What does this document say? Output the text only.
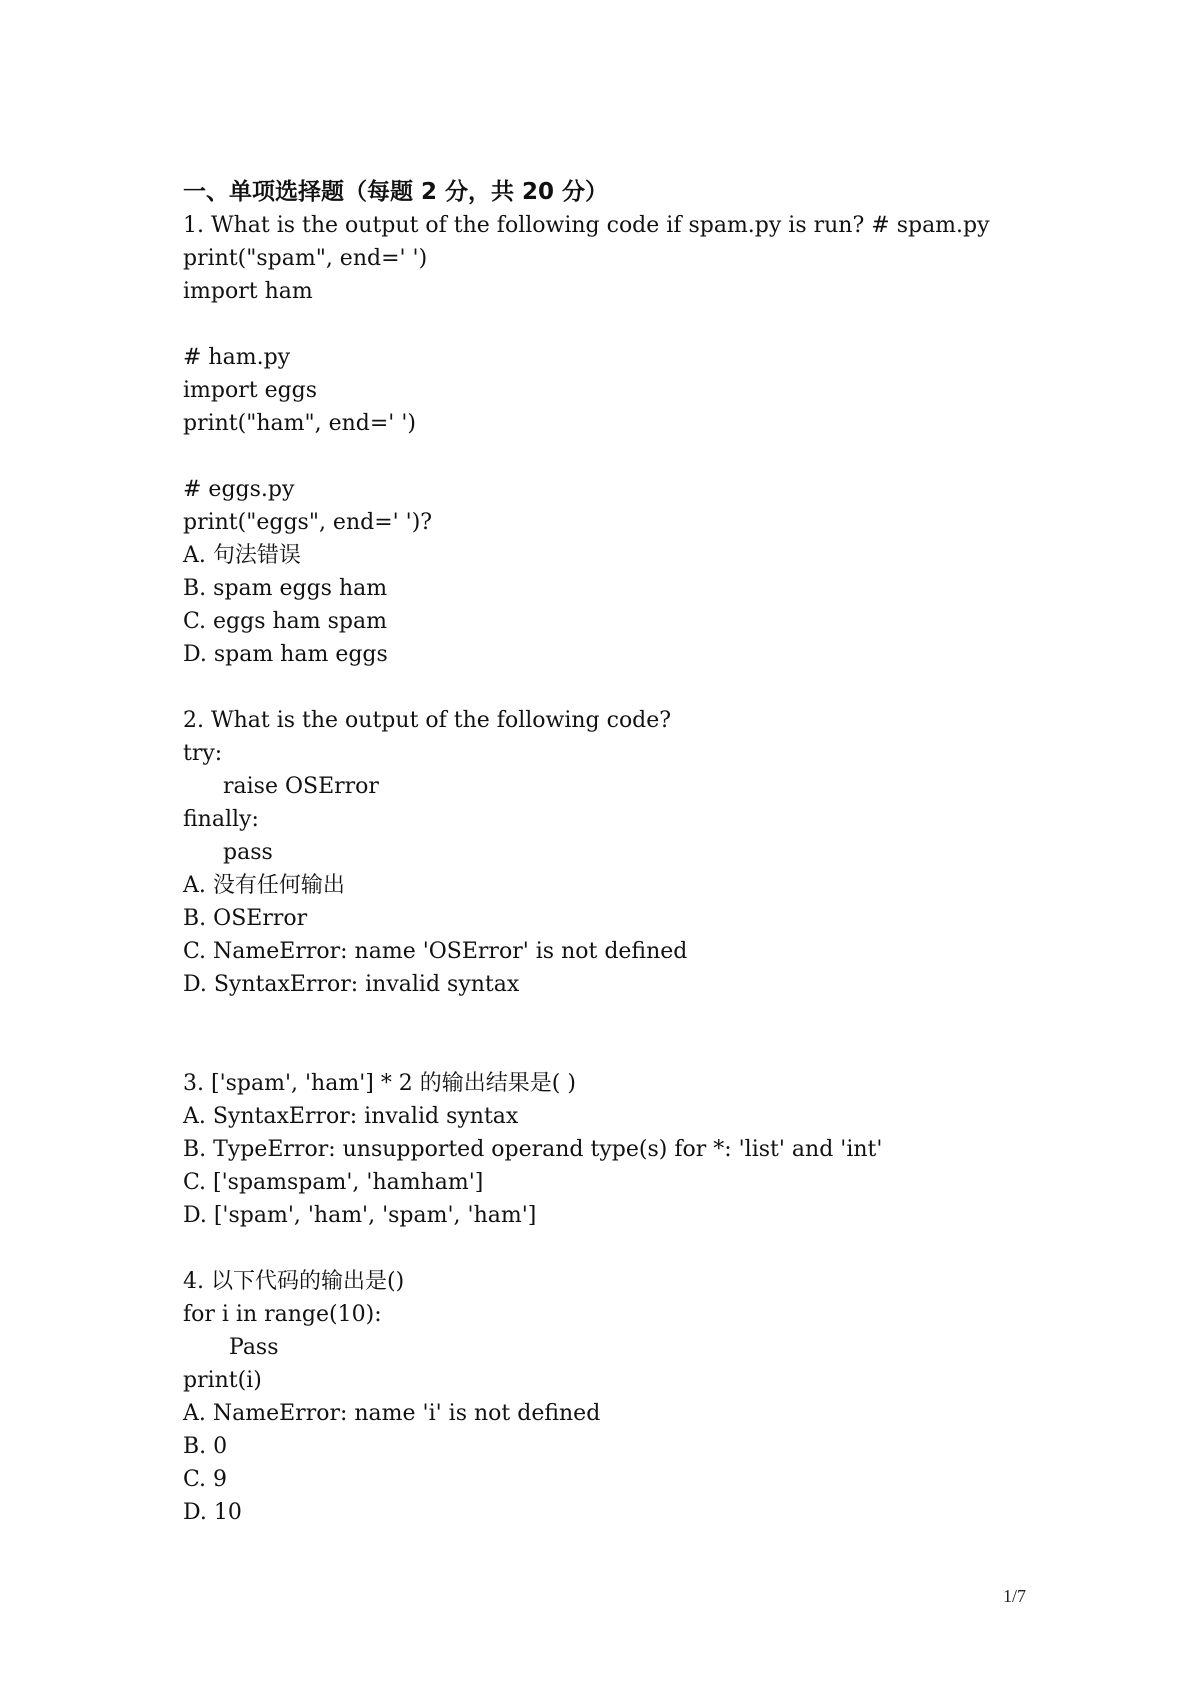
一、单项选择题（每题 2 分，共 20 分）
1. What is the output of the following code if spam.py is run? # spam.py
print("spam", end=' ')
import ham
# ham.py
import eggs
print("ham", end=' ')
# eggs.py
print("eggs", end=' ')?
A. 句法错误
B. spam eggs ham
C. eggs ham spam
D. spam ham eggs
2. What is the output of the following code?
try:
raise OSError
finally:
pass
A. 没有任何输出
B. OSError
C. NameError: name 'OSError' is not defined
D. SyntaxError: invalid syntax
3. ['spam', 'ham'] * 2 的输出结果是( )
A. SyntaxError: invalid syntax
B. TypeError: unsupported operand type(s) for *: 'list' and 'int'
C. ['spamspam', 'hamham']
D. ['spam', 'ham', 'spam', 'ham']
4. 以下代码的输出是()
for i in range(10):
Pass
print(i)
A. NameError: name 'i' is not defined
B. 0
C. 9
D. 10
1/7
